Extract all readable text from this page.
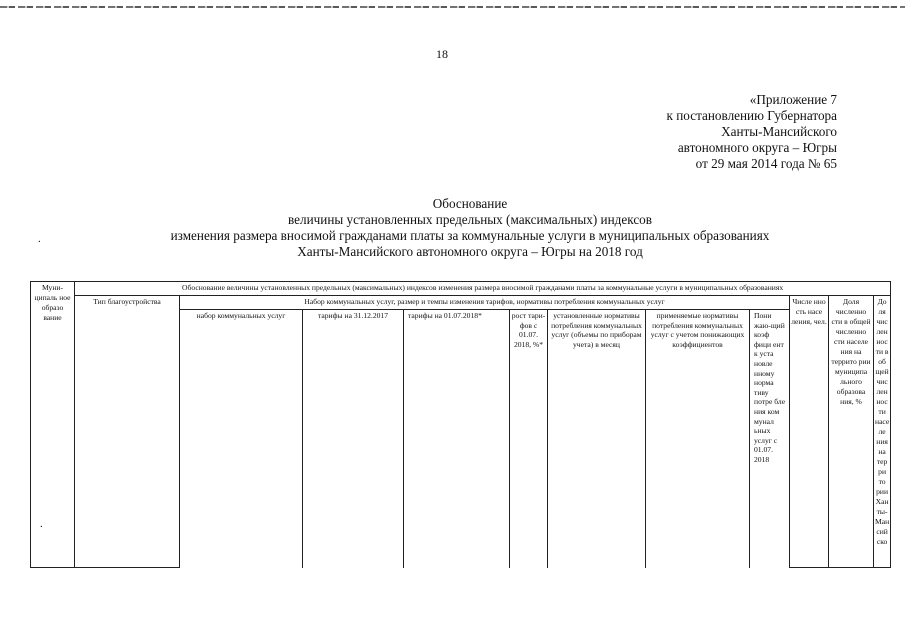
18
«Приложение 7
к постановлению Губернатора
Ханты-Мансийского
автономного округа – Югры
от 29 мая 2014 года № 65
Обоснование
величины установленных предельных (максимальных) индексов
изменения размера вносимой гражданами платы за коммунальные услуги в муниципальных образованиях
Ханты-Мансийского автономного округа – Югры на 2018 год
.
Муни-ципаль ное образо вание	Обоснование величины установленных предельных (максимальных) индексов изменения размера вносимой гражданами платы за коммунальные услуги в муниципальных образованиях										

	Тип благоустройства	Набор коммунальных услуг, размер и темпы изменения тарифов, нормативы потребления коммунальных услуг							Числе нно сть насе ления, чел.	Доля численно сти в общей численно сти населе ния на террито рии муниципа льного образова ния, %	До ля чис лен нос ти в об щей чис лен нос ти насе ле ния на тер ри то рии Хан ты-Ман сий ско

		набор коммунальных услуг	тарифы на 31.12.2017	тарифы на 01.07.2018*	рост тари-фов с 01.07. 2018, %*	установленные нормативы потребления коммунальных услуг (объемы по приборам учета) в месяц	применяемые нормативы потребления коммунальных услуг с учетом понижающих коэффициентов	Пони жаю-щий коэф фици ент к уста новле нному норма тиву потре бле ния ком мунал ьных услуг с 01.07. 2018			
.
